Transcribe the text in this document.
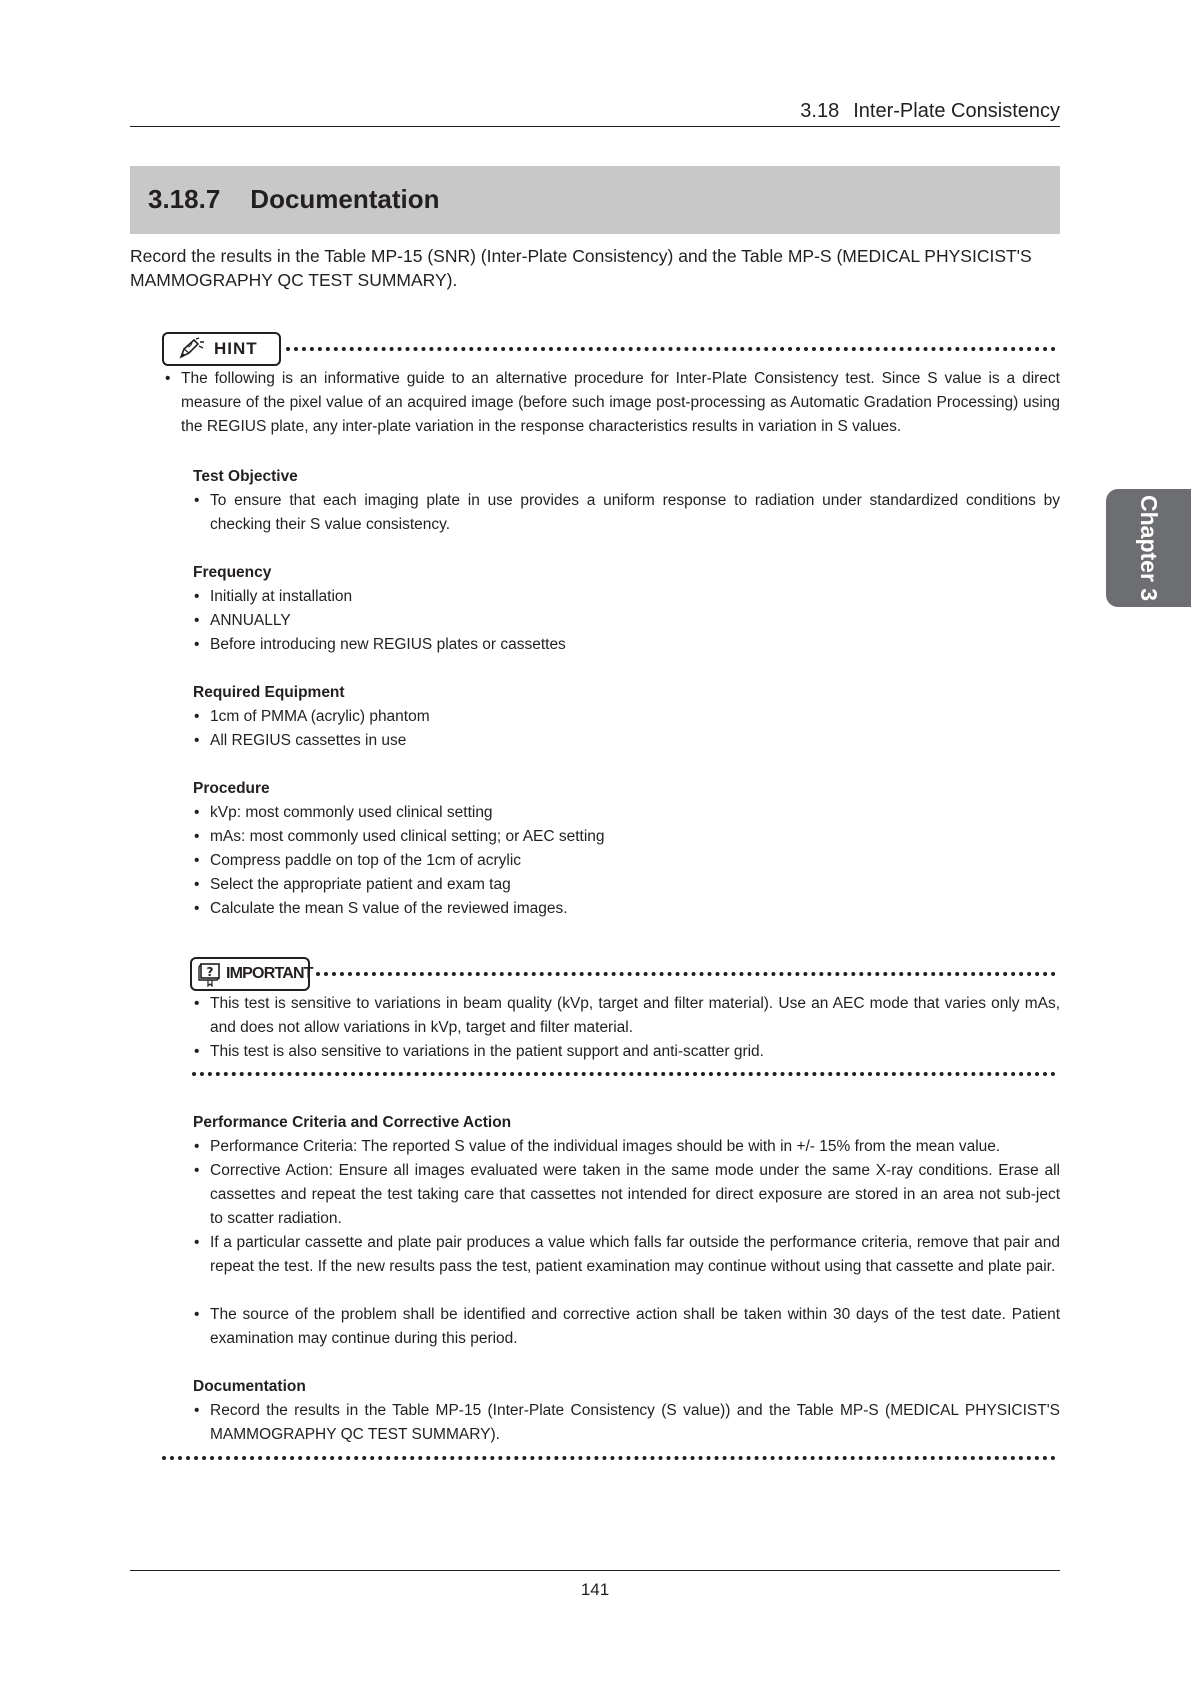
3.18 Inter-Plate Consistency
3.18.7 Documentation
Record the results in the Table MP-15 (SNR) (Inter-Plate Consistency) and the Table MP-S (MEDICAL PHYSICIST'S MAMMOGRAPHY QC TEST SUMMARY).
HINT
• The following is an informative guide to an alternative procedure for Inter-Plate Consistency test. Since S value is a direct measure of the pixel value of an acquired image (before such image post-processing as Automatic Gradation Processing) using the REGIUS plate, any inter-plate variation in the response characteristics results in variation in S values.
Test Objective
• To ensure that each imaging plate in use provides a uniform response to radiation under standardized conditions by checking their S value consistency.
Frequency
• Initially at installation
• ANNUALLY
• Before introducing new REGIUS plates or cassettes
Required Equipment
• 1cm of PMMA (acrylic) phantom
• All REGIUS cassettes in use
Procedure
• kVp: most commonly used clinical setting
• mAs: most commonly used clinical setting; or AEC setting
• Compress paddle on top of the 1cm of acrylic
• Select the appropriate patient and exam tag
• Calculate the mean S value of the reviewed images.
? IMPORTANT
• This test is sensitive to variations in beam quality (kVp, target and filter material). Use an AEC mode that varies only mAs, and does not allow variations in kVp, target and filter material.
• This test is also sensitive to variations in the patient support and anti-scatter grid.
Performance Criteria and Corrective Action
• Performance Criteria: The reported S value of the individual images should be with in +/- 15% from the mean value.
• Corrective Action: Ensure all images evaluated were taken in the same mode under the same X-ray conditions. Erase all cassettes and repeat the test taking care that cassettes not intended for direct exposure are stored in an area not sub-ject to scatter radiation.
• If a particular cassette and plate pair produces a value which falls far outside the performance criteria, remove that pair and repeat the test. If the new results pass the test, patient examination may continue without using that cassette and plate pair.
• The source of the problem shall be identified and corrective action shall be taken within 30 days of the test date. Patient examination may continue during this period.
Documentation
• Record the results in the Table MP-15 (Inter-Plate Consistency (S value)) and the Table MP-S (MEDICAL PHYSICIST'S MAMMOGRAPHY QC TEST SUMMARY).
Chapter 3
141
